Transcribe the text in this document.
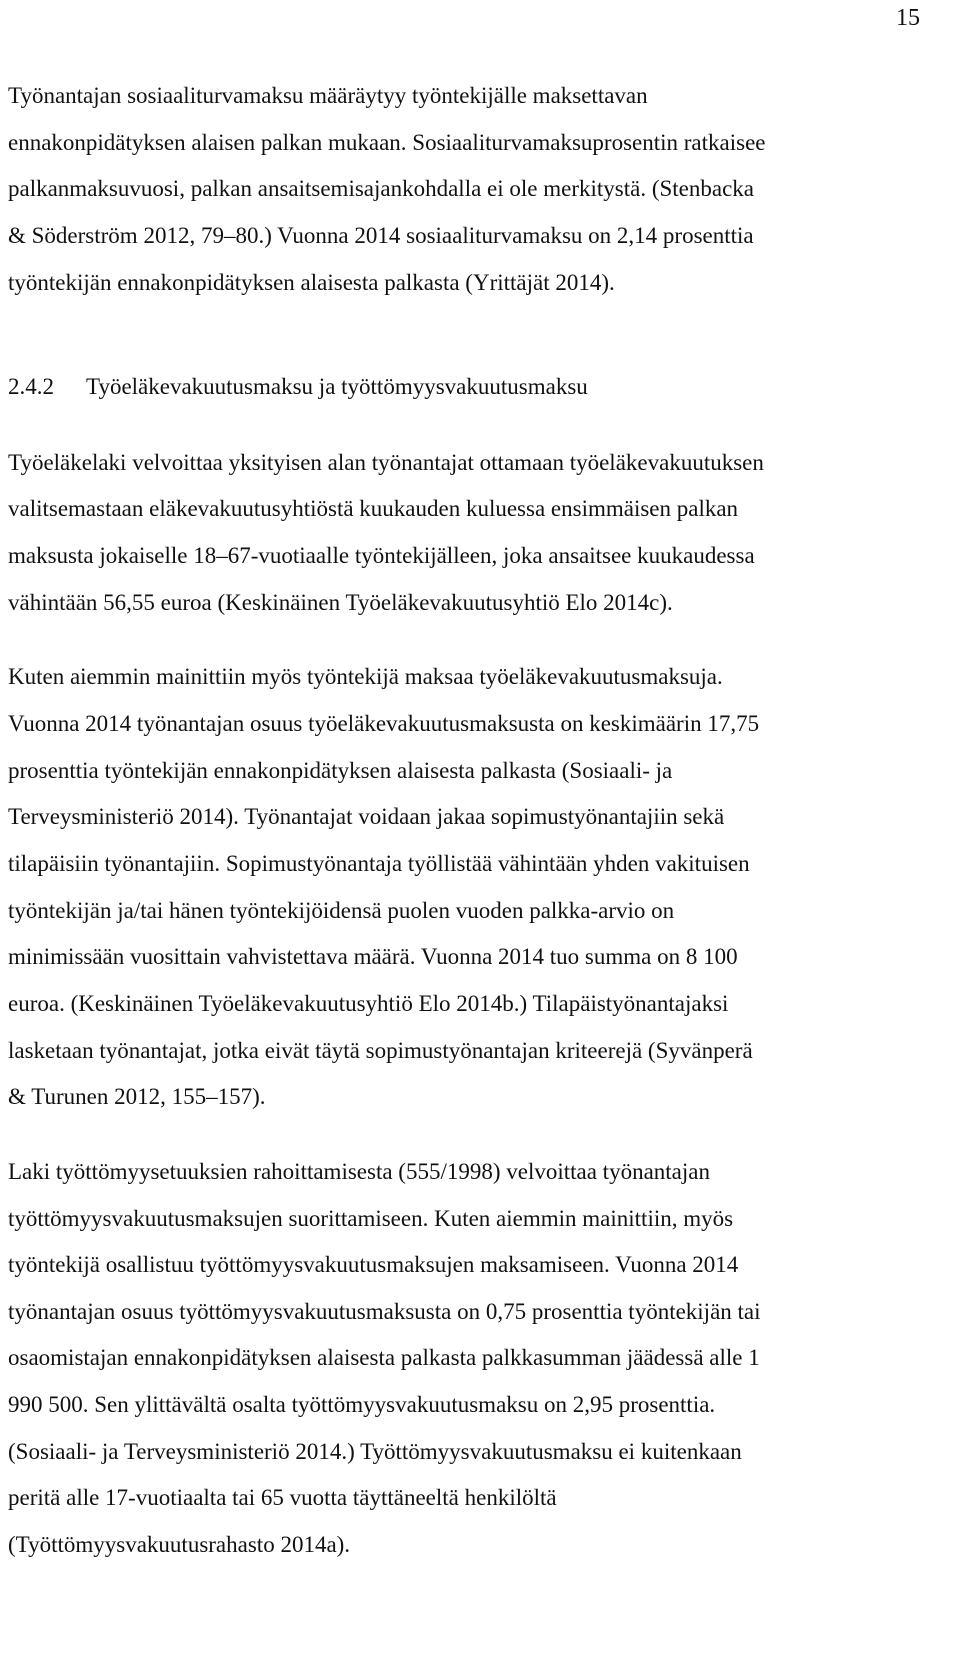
15
Työnantajan sosiaaliturvamaksu määräytyy työntekijälle maksettavan
ennakonpidätyksen alaisen palkan mukaan. Sosiaaliturvamaksuprosentin ratkaisee
palkanmaksuvuosi, palkan ansaitsemisajankohdalla ei ole merkitystä. (Stenbacka
& Söderström 2012, 79–80.) Vuonna 2014 sosiaaliturvamaksu on 2,14 prosenttia
työntekijän ennakonpidätyksen alaisesta palkasta (Yrittäjät 2014).
2.4.2 Työeläkevakuutusmaksu ja työttömyysvakuutusmaksu
Työeläkelaki velvoittaa yksityisen alan työnantajat ottamaan työeläkevakuutuksen
valitsemastaan eläkevakuutusyhtiöstä kuukauden kuluessa ensimmäisen palkan
maksusta jokaiselle 18–67-vuotiaalle työntekijälleen, joka ansaitsee kuukaudessa
vähintään 56,55 euroa (Keskinäinen Työeläkevakuutusyhtiö Elo 2014c).
Kuten aiemmin mainittiin myös työntekijä maksaa työeläkevakuutusmaksuja.
Vuonna 2014 työnantajan osuus työeläkevakuutusmaksusta on keskimäärin 17,75
prosenttia työntekijän ennakonpidätyksen alaisesta palkasta (Sosiaali- ja
Terveysministeriö 2014). Työnantajat voidaan jakaa sopimustyönantajiin sekä
tilapäisiin työnantajiin. Sopimustyönantaja työllistää vähintään yhden vakituisen
työntekijän ja/tai hänen työntekijöidensä puolen vuoden palkka-arvio on
minimissään vuosittain vahvistettava määrä. Vuonna 2014 tuo summa on 8 100
euroa. (Keskinäinen Työeläkevakuutusyhtiö Elo 2014b.) Tilapäistyönantajaksi
lasketaan työnantajat, jotka eivät täytä sopimustyönantajan kriteerejä (Syvänperä
& Turunen 2012, 155–157).
Laki työttömyysetuuksien rahoittamisesta (555/1998) velvoittaa työnantajan
työttömyysvakuutusmaksujen suorittamiseen. Kuten aiemmin mainittiin, myös
työntekijä osallistuu työttömyysvakuutusmaksujen maksamiseen. Vuonna 2014
työnantajan osuus työttömyysvakuutusmaksusta on 0,75 prosenttia työntekijän tai
osaomistajan ennakonpidätyksen alaisesta palkasta palkkasumman jäädessä alle 1
990 500. Sen ylittävältä osalta työttömyysvakuutusmaksu on 2,95 prosenttia.
(Sosiaali- ja Terveysministeriö 2014.) Työttömyysvakuutusmaksu ei kuitenkaan
peritä alle 17-vuotiaalta tai 65 vuotta täyttäneeltä henkilöltä
(Työttömyysvakuutusrahasto 2014a).
